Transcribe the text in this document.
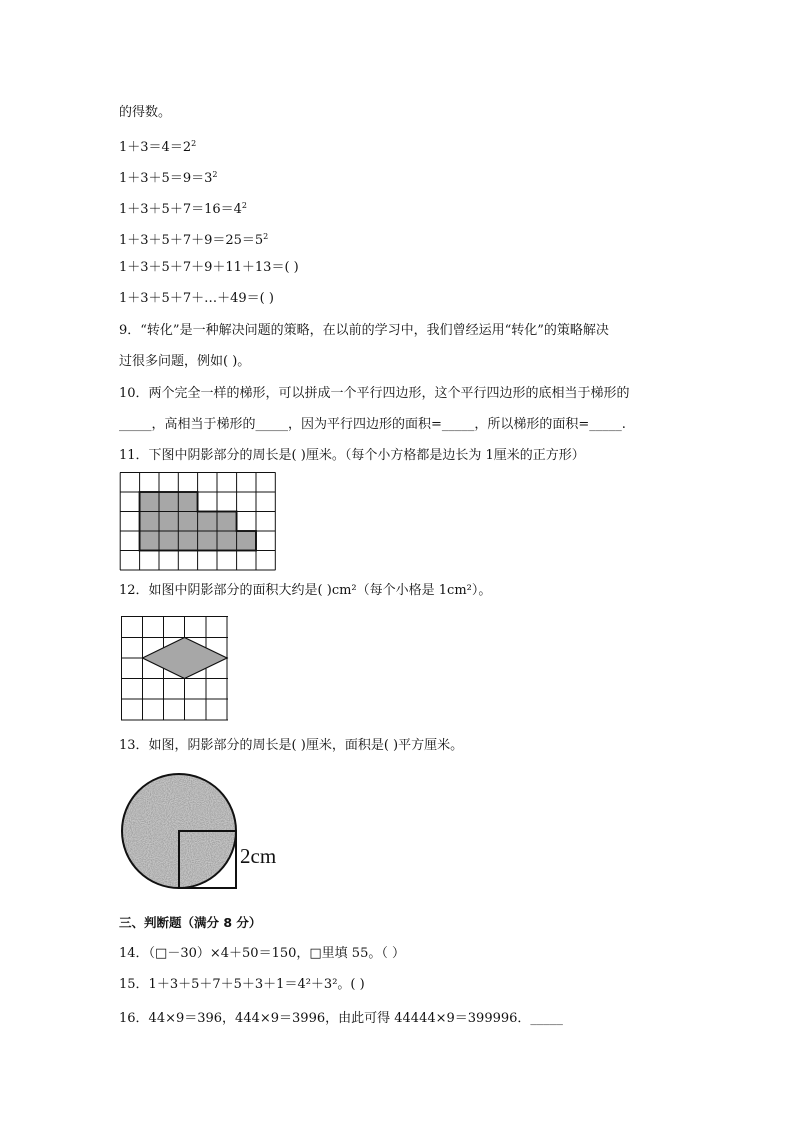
的得数。
$1+3=4=2^2$
$1+3+5=9=3^2$
$1+3+5+7=16=4^2$
$1+3+5+7+9=25=5^2$
1＋3＋5＋7＋9＋11＋13＝( )
1＋3＋5＋7＋…＋49＝( )
9．“转化”是一种解决问题的策略，在以前的学习中，我们曾经运用“转化”的策略解决
过很多问题，例如( )。
10．两个完全一样的梯形，可以拼成一个平行四边形，这个平行四边形的底相当于梯形的
_____，高相当于梯形的_____，因为平行四边形的面积=_____，所以梯形的面积=_____.
11．下图中阴影部分的周长是( )厘米。（每个小方格都是边长为 1厘米的正方形）
12．如图中阴影部分的面积大约是( )cm²（每个小格是 1cm²）。
13．如图，阴影部分的周长是( )厘米，面积是( )平方厘米。
2cm
三、判断题（满分 8 分）
14．（□－30）×4＋50＝150，□里填 55。（ ）
15．1＋3＋5＋7＋5＋3＋1＝4²＋3²。( )
16．44×9＝396，444×9＝3996，由此可得 44444×9＝399996．_____
